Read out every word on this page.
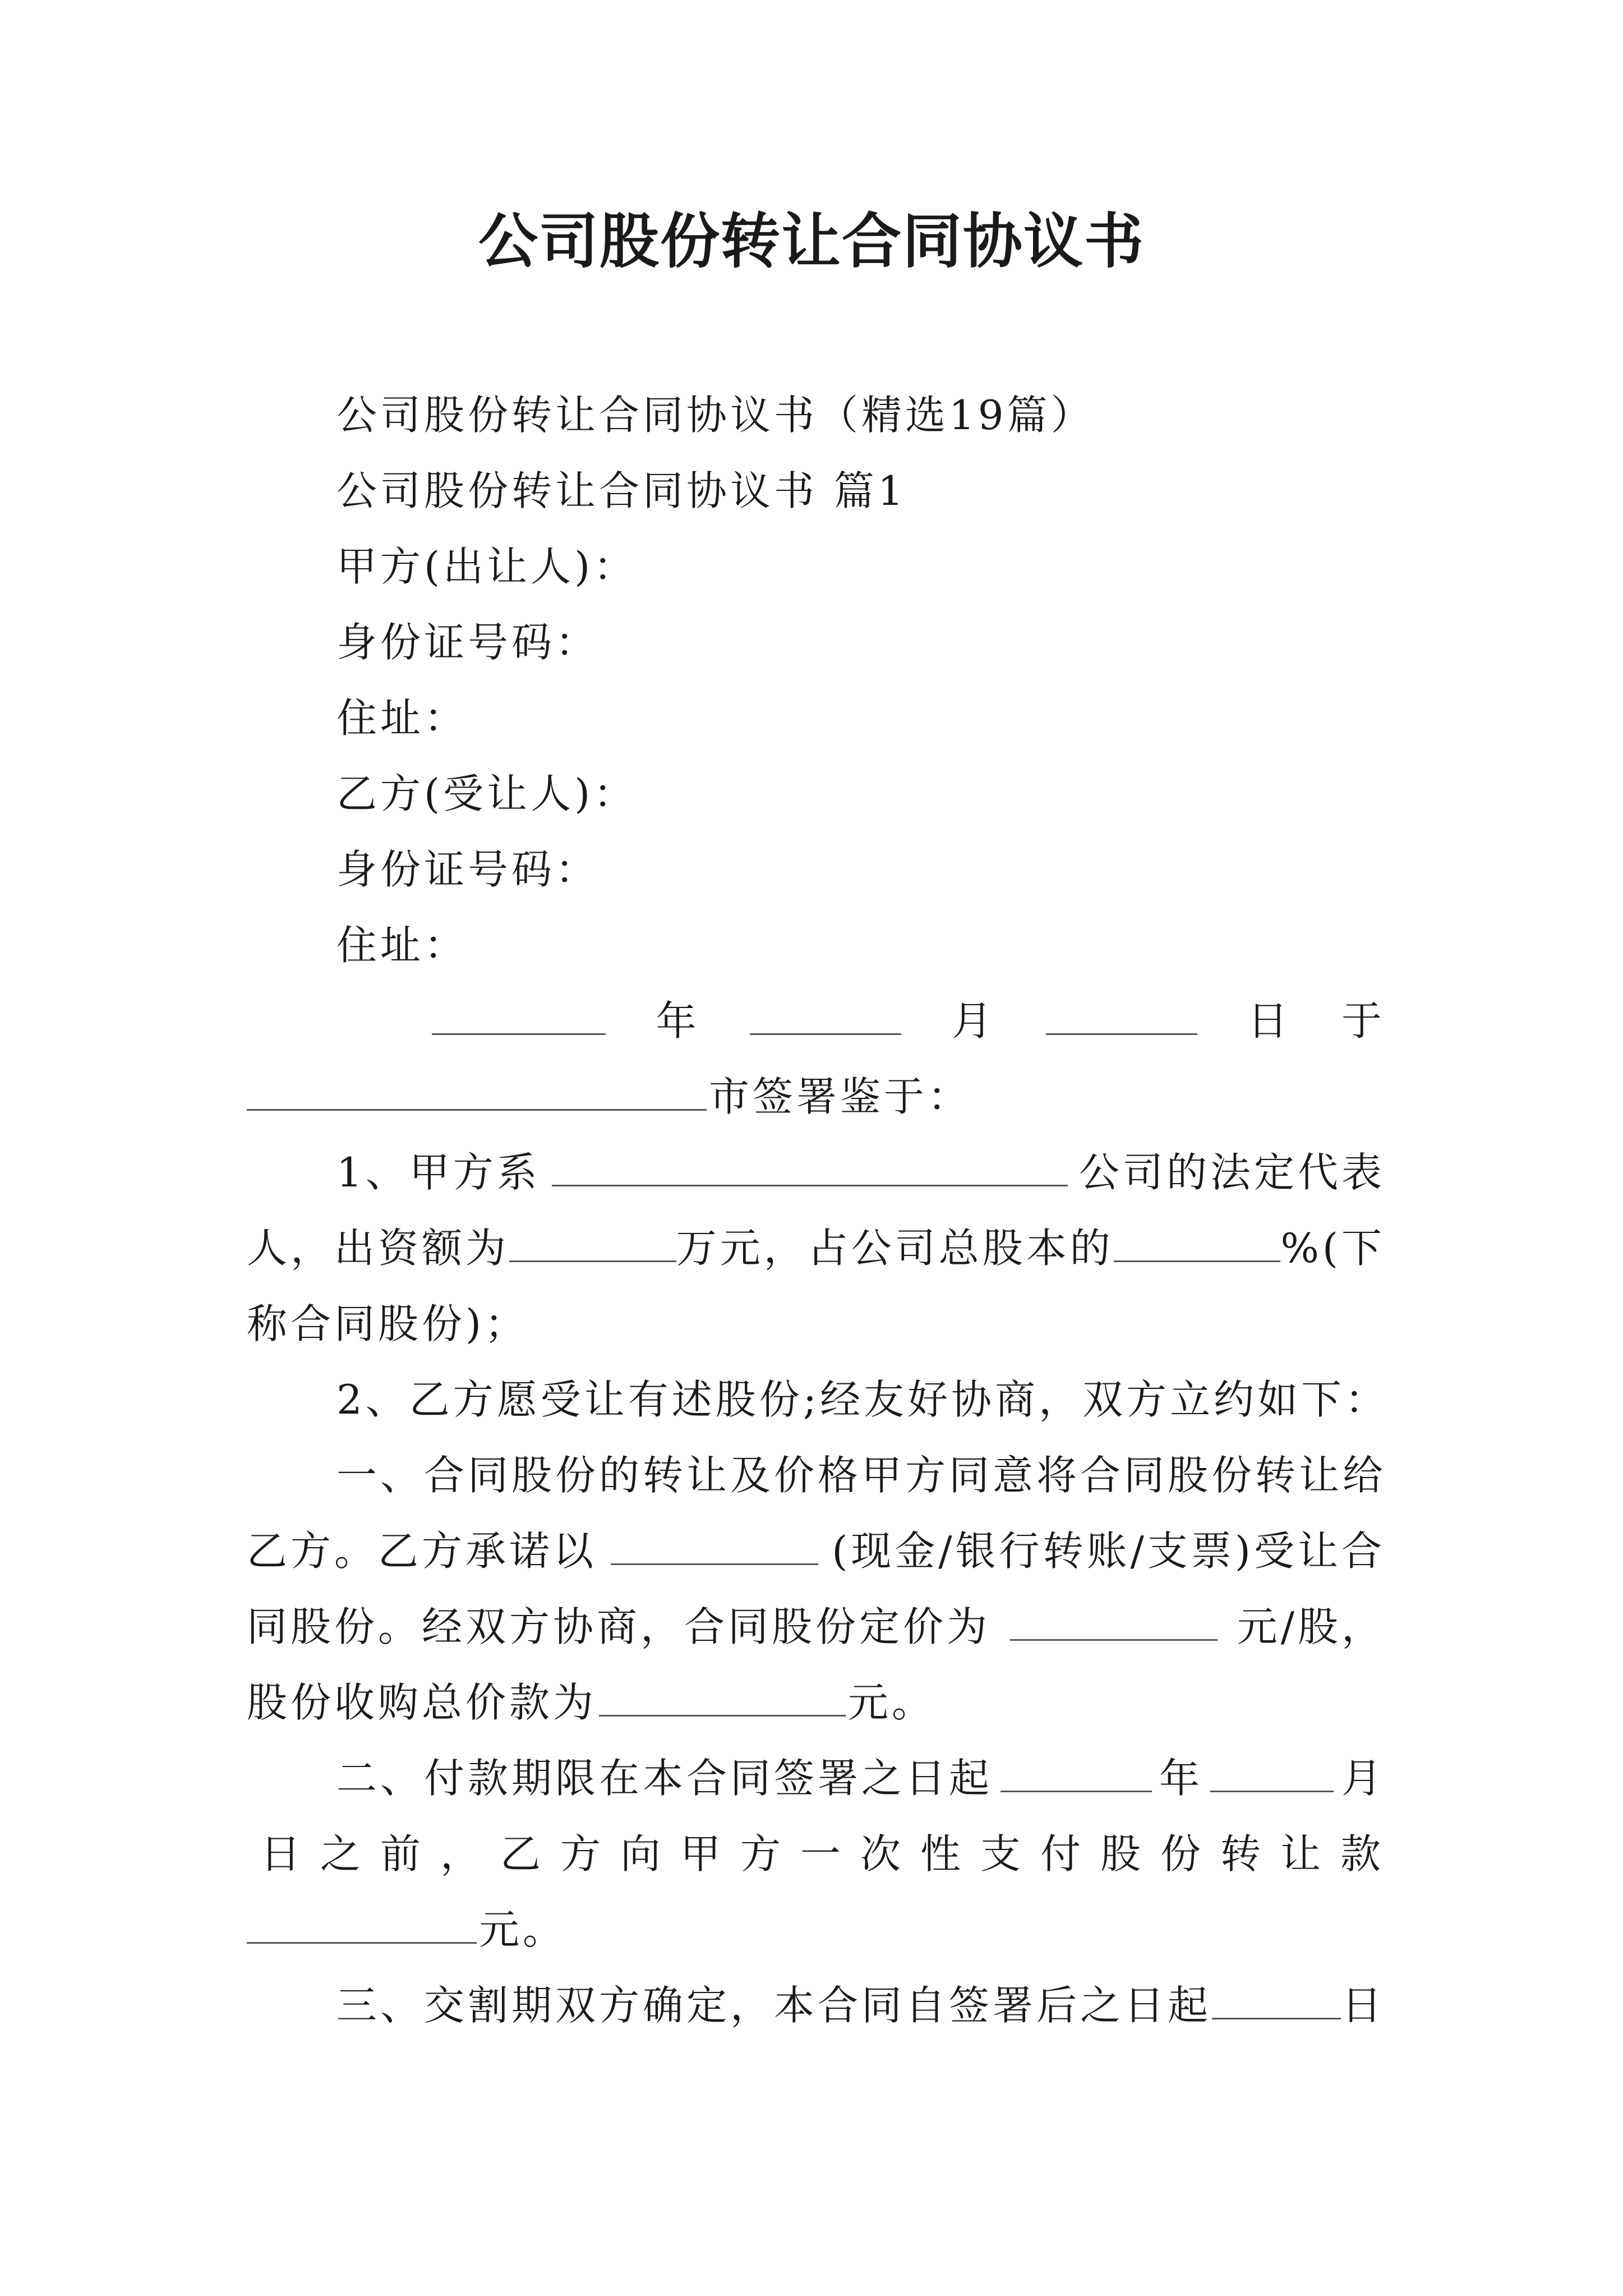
公司股份转让合同协议书
公司股份转让合同协议书（精选19篇）
公司股份转让合同协议书 篇1
甲方(出让人)：
身份证号码：
住址：
乙方(受让人)：
身份证号码：
住址：
年	月	日 于
市签署鉴于：
1、甲方系	公司的法定代表
人，出资额为	万元，占公司总股本的	%(下
称合同股份)；
2、乙方愿受让有述股份;经友好协商，双方立约如下：
一、合同股份的转让及价格甲方同意将合同股份转让给
乙方。乙方承诺以	(现金/银行转账/支票)受让合
同股份。经双方协商，合同股份定价为	元/股，
股份收购总价款为	元。
二、付款期限在本合同签署之日起	年	月
日之前，乙方向甲方一次性支付股份转让款
元。
三、交割期双方确定，本合同自签署后之日起	日
